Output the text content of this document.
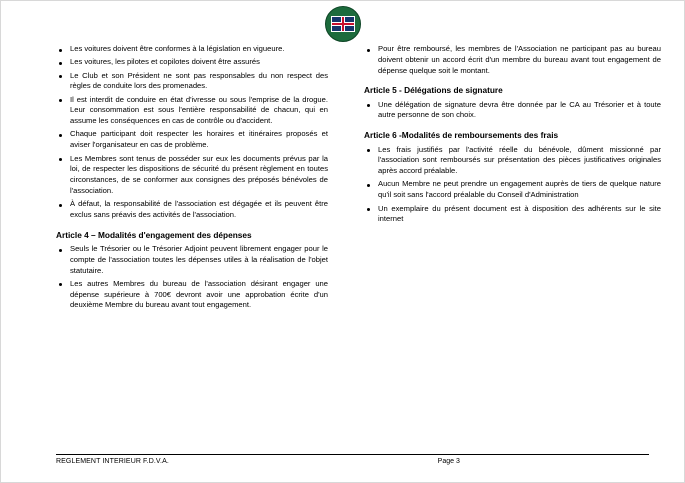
Les voitures doivent être conformes à la législation en vigueure.
Les voitures, les pilotes et copilotes doivent être assurés
Le Club et son Président ne sont pas responsables du non respect des règles de conduite lors des promenades.
Il est interdit de conduire en état d'ivresse ou sous l'emprise de la drogue. Leur consommation est sous l'entière responsabilité de chacun, qui en assume les conséquences en cas de contrôle ou d'accident.
Chaque participant doit respecter les horaires et itinéraires proposés et aviser l'organisateur en cas de problème.
Les Membres sont tenus de posséder sur eux les documents prévus par la loi, de respecter les dispositions de sécurité du présent règlement en toutes circonstances, de se conformer aux consignes des préposés bénévoles de l'association.
À défaut, la responsabilité de l'association est dégagée et ils peuvent être exclus sans préavis des activités de l'association.
Article 4 – Modalités d'engagement des dépenses
Seuls le Trésorier ou le Trésorier Adjoint peuvent librement engager pour le compte de l'association toutes les dépenses utiles à la réalisation de l'objet statutaire.
Les autres Membres du bureau de l'association désirant engager une dépense supérieure à 700€ devront avoir une approbation écrite d'un deuxième Membre du bureau avant tout engagement.
Pour être remboursé, les membres de l'Association ne participant pas au bureau doivent obtenir un accord écrit d'un membre du bureau avant tout engagement de dépense quelque soit le montant.
Article 5 - Délégations de signature
Une délégation de signature devra être donnée par le CA au Trésorier et à toute autre personne de son choix.
Article 6 -Modalités de remboursements des frais
Les frais justifiés par l'activité réelle du bénévole, dûment missionné par l'association sont remboursés sur présentation des pièces justificatives originales après accord préalable.
Aucun Membre ne peut prendre un engagement auprès de tiers de quelque nature qu'il soit sans l'accord préalable du Conseil d'Administration
Un exemplaire du présent document est à disposition des adhérents sur le site internet
REGLEMENT INTERIEUR F.D.V.A.	Page 3
